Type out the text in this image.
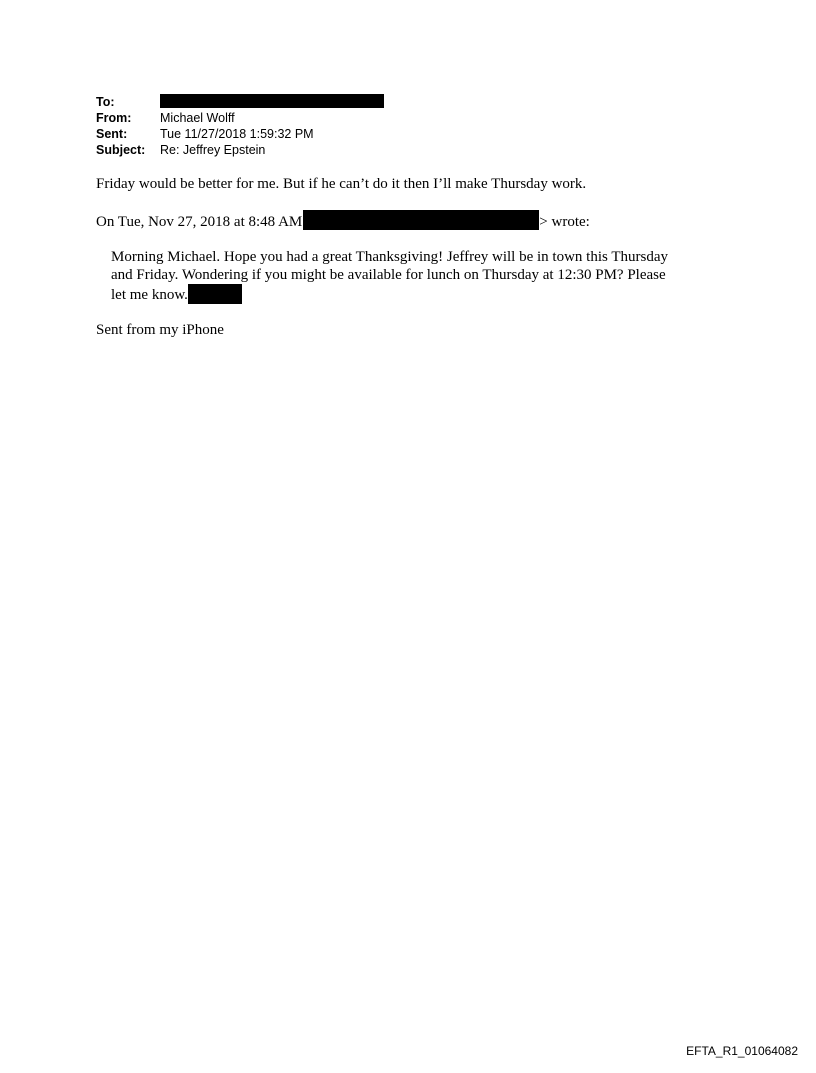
To:
From:	Michael Wolff
Sent:	Tue 11/27/2018 1:59:32 PM
Subject:	Re: Jeffrey Epstein
Friday would be better for me. But if he can’t do it then I’ll make Thursday work.
On Tue, Nov 27, 2018 at 8:48 AM	> wrote:
Morning Michael. Hope you had a great Thanksgiving! Jeffrey will be in town this Thursday
and Friday. Wondering if you might be available for lunch on Thursday at 12:30 PM? Please
let me know.
Sent from my iPhone
EFTA_R1_01064082
